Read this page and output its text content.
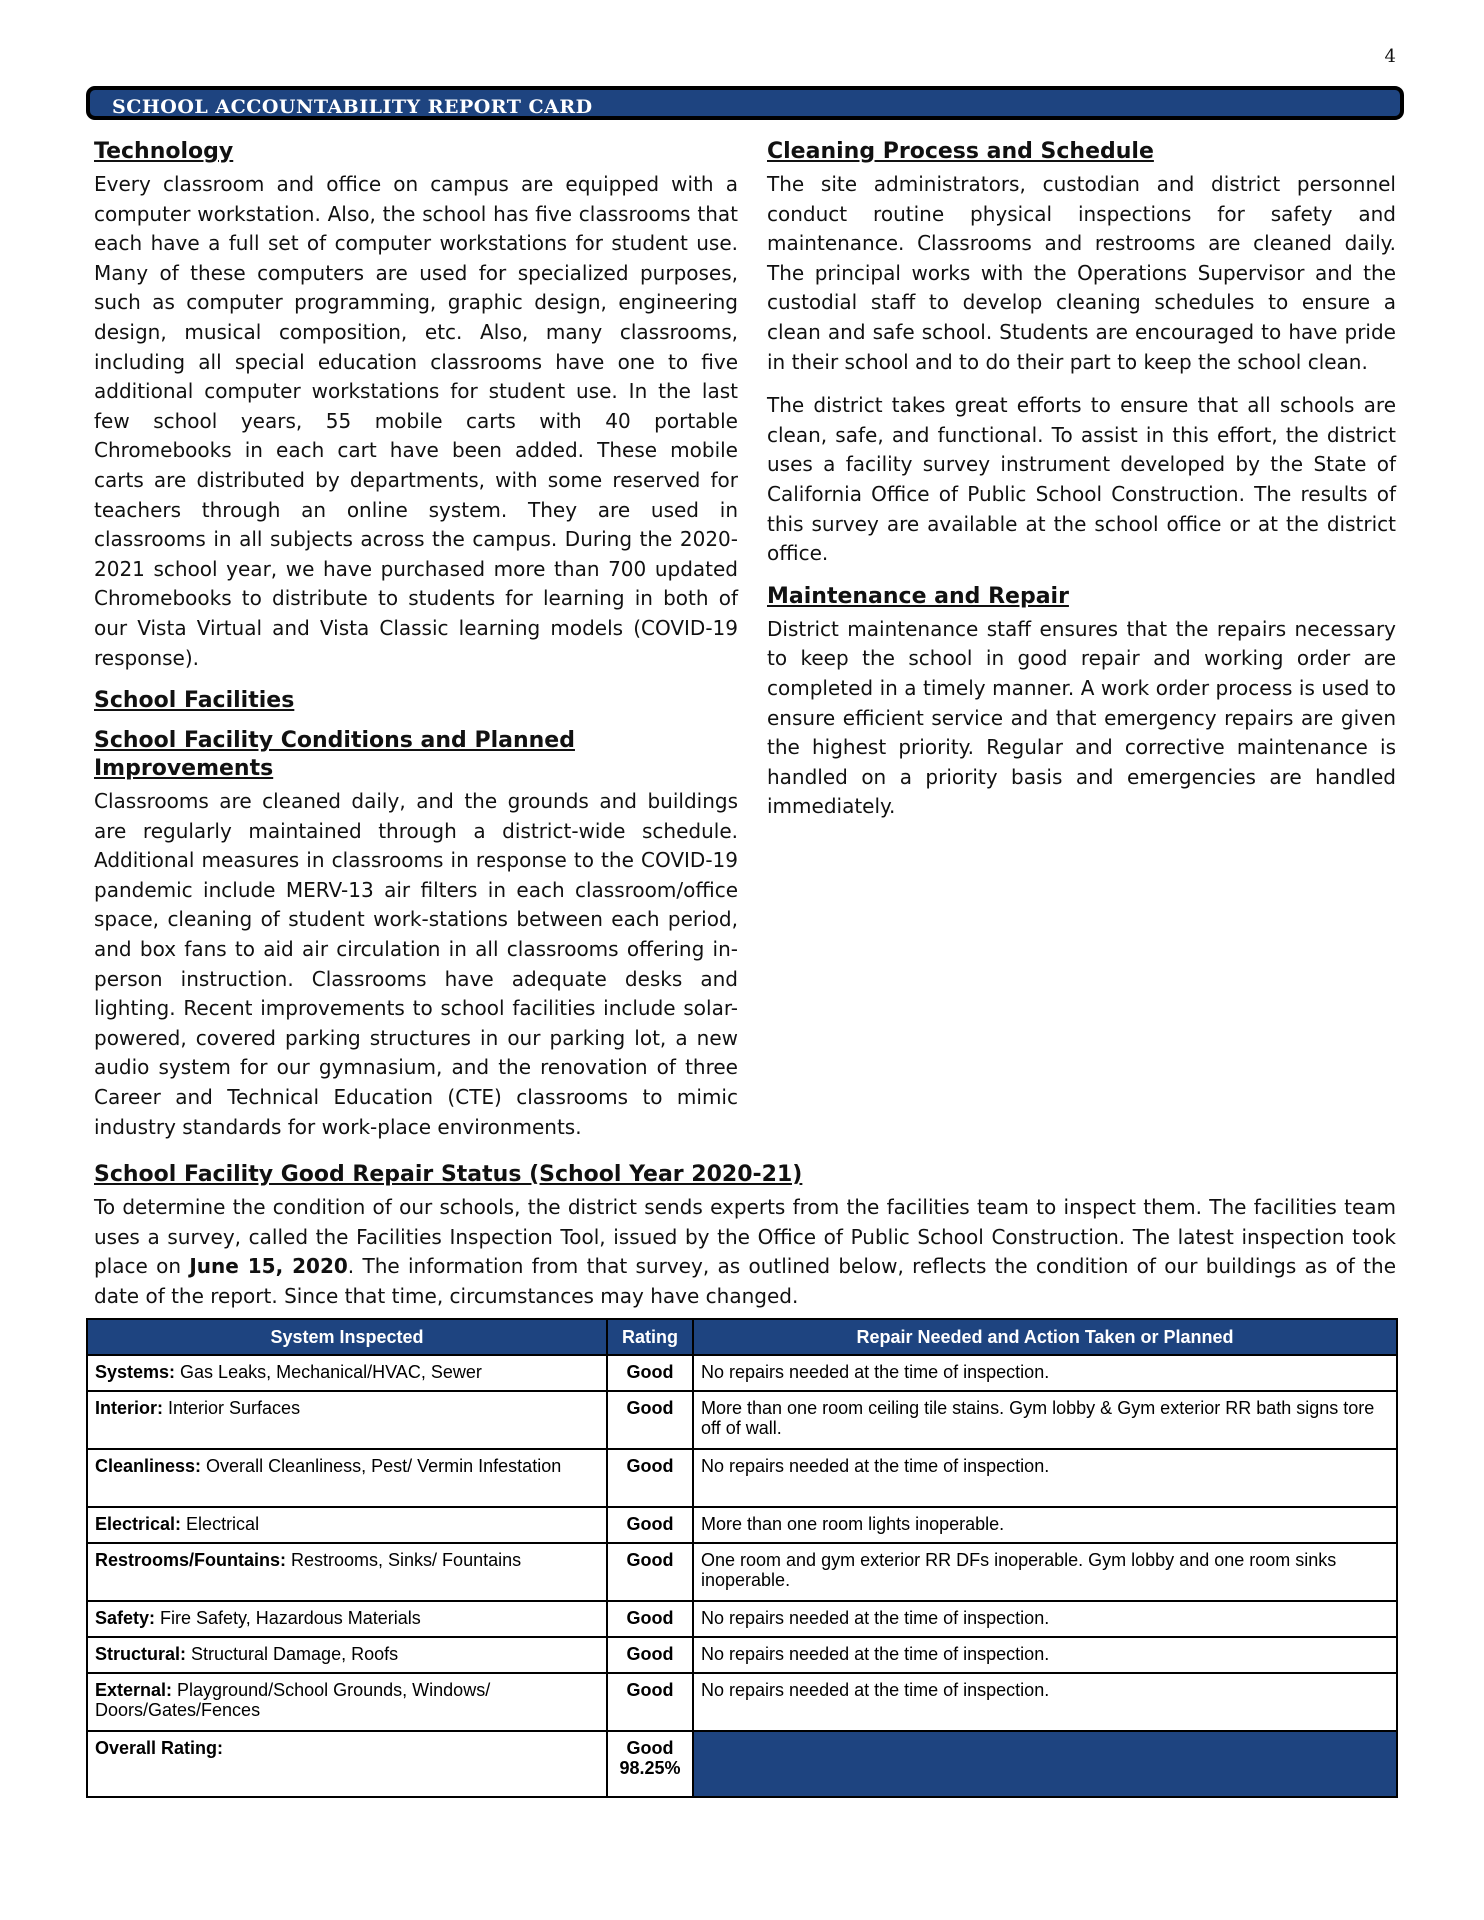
4
SCHOOL ACCOUNTABILITY REPORT CARD
Technology

Every classroom and office on campus are equipped with a computer workstation. Also, the school has five classrooms that each have a full set of computer workstations for student use. Many of these computers are used for specialized purposes, such as computer programming, graphic design, engineering design, musical composition, etc. Also, many classrooms, including all special education classrooms have one to five additional computer workstations for student use. In the last few school years, 55 mobile carts with 40 portable Chromebooks in each cart have been added. These mobile carts are distributed by departments, with some reserved for teachers through an online system. They are used in classrooms in all subjects across the campus. During the 2020-2021 school year, we have purchased more than 700 updated Chromebooks to distribute to students for learning in both of our Vista Virtual and Vista Classic learning models (COVID-19 response).

School Facilities
School Facility Conditions and Planned Improvements

Classrooms are cleaned daily, and the grounds and buildings are regularly maintained through a district-wide schedule. Additional measures in classrooms in response to the COVID-19 pandemic include MERV-13 air filters in each classroom/office space, cleaning of student work-stations between each period, and box fans to aid air circulation in all classrooms offering in-person instruction. Classrooms have adequate desks and lighting. Recent improvements to school facilities include solar-powered, covered parking structures in our parking lot, a new audio system for our gymnasium, and the renovation of three Career and Technical Education (CTE) classrooms to mimic industry standards for work-place environments.

Cleaning Process and Schedule

The site administrators, custodian and district personnel conduct routine physical inspections for safety and maintenance. Classrooms and restrooms are cleaned daily. The principal works with the Operations Supervisor and the custodial staff to develop cleaning schedules to ensure a clean and safe school. Students are encouraged to have pride in their school and to do their part to keep the school clean.

The district takes great efforts to ensure that all schools are clean, safe, and functional. To assist in this effort, the district uses a facility survey instrument developed by the State of California Office of Public School Construction. The results of this survey are available at the school office or at the district office.

Maintenance and Repair

District maintenance staff ensures that the repairs necessary to keep the school in good repair and working order are completed in a timely manner. A work order process is used to ensure efficient service and that emergency repairs are given the highest priority. Regular and corrective maintenance is handled on a priority basis and emergencies are handled immediately.

School Facility Good Repair Status (School Year 2020-21)

To determine the condition of our schools, the district sends experts from the facilities team to inspect them. The facilities team uses a survey, called the Facilities Inspection Tool, issued by the Office of Public School Construction. The latest inspection took place on June 15, 2020. The information from that survey, as outlined below, reflects the condition of our buildings as of the date of the report. Since that time, circumstances may have changed.

System Inspected	Rating	Repair Needed and Action Taken or Planned
Systems: Gas Leaks, Mechanical/HVAC, Sewer	Good	No repairs needed at the time of inspection.
Interior: Interior Surfaces	Good	More than one room ceiling tile stains. Gym lobby & Gym exterior RR bath signs tore off of wall.
Cleanliness: Overall Cleanliness, Pest/ Vermin Infestation	Good	No repairs needed at the time of inspection.
Electrical: Electrical	Good	More than one room lights inoperable.
Restrooms/Fountains: Restrooms, Sinks/ Fountains	Good	One room and gym exterior RR DFs inoperable. Gym lobby and one room sinks inoperable.
Safety: Fire Safety, Hazardous Materials	Good	No repairs needed at the time of inspection.
Structural: Structural Damage, Roofs	Good	No repairs needed at the time of inspection.
External: Playground/School Grounds, Windows/ Doors/Gates/Fences	Good	No repairs needed at the time of inspection.
Overall Rating:	Good
98.25%	
